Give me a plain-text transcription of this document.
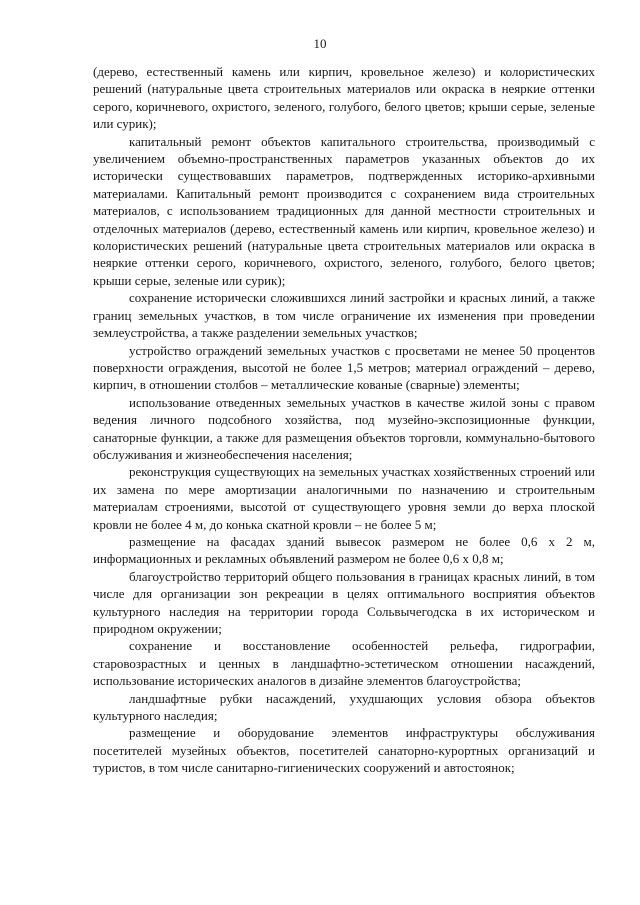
10

(дерево, естественный камень или кирпич, кровельное железо) и колористических решений (натуральные цвета строительных материалов или окраска в неяркие оттенки серого, коричневого, охристого, зеленого, голубого, белого цветов; крыши серые, зеленые или сурик);

капитальный ремонт объектов капитального строительства, производимый с увеличением объемно-пространственных параметров указанных объектов до их исторически существовавших параметров, подтвержденных историко-архивными материалами. Капитальный ремонт производится с сохранением вида строительных материалов, с использованием традиционных для данной местности строительных и отделочных материалов (дерево, естественный камень или кирпич, кровельное железо) и колористических решений (натуральные цвета строительных материалов или окраска в неяркие оттенки серого, коричневого, охристого, зеленого, голубого, белого цветов; крыши серые, зеленые или сурик);

сохранение исторически сложившихся линий застройки и красных линий, а также границ земельных участков, в том числе ограничение их изменения при проведении землеустройства, а также разделении земельных участков;

устройство ограждений земельных участков с просветами не менее 50 процентов поверхности ограждения, высотой не более 1,5 метров; материал ограждений – дерево, кирпич, в отношении столбов – металлические кованые (сварные) элементы;

использование отведенных земельных участков в качестве жилой зоны с правом ведения личного подсобного хозяйства, под музейно-экспозиционные функции, санаторные функции, а также для размещения объектов торговли, коммунально-бытового обслуживания и жизнеобеспечения населения;

реконструкция существующих на земельных участках хозяйственных строений или их замена по мере амортизации аналогичными по назначению и строительным материалам строениями, высотой от существующего уровня земли до верха плоской кровли не более 4 м, до конька скатной кровли – не более 5 м;

размещение на фасадах зданий вывесок размером не более 0,6 х 2 м, информационных и рекламных объявлений размером не более 0,6 х 0,8 м;

благоустройство территорий общего пользования в границах красных линий, в том числе для организации зон рекреации в целях оптимального восприятия объектов культурного наследия на территории города Сольвычегодска в их историческом и природном окружении;

сохранение и восстановление особенностей рельефа, гидрографии, старовозрастных и ценных в ландшафтно-эстетическом отношении насаждений, использование исторических аналогов в дизайне элементов благоустройства;

ландшафтные рубки насаждений, ухудшающих условия обзора объектов культурного наследия;

размещение и оборудование элементов инфраструктуры обслуживания посетителей музейных объектов, посетителей санаторно-курортных организаций и туристов, в том числе санитарно-гигиенических сооружений и автостоянок;
